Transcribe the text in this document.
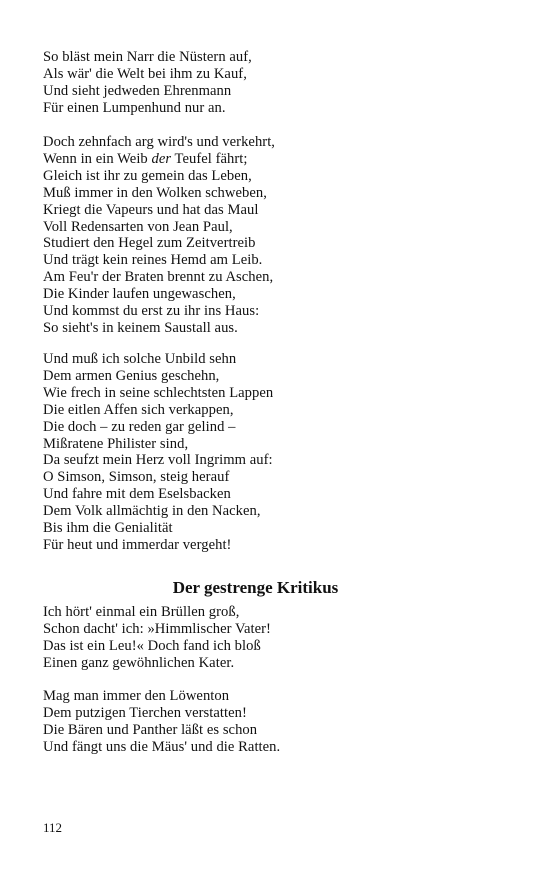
So bläst mein Narr die Nüstern auf,
Als wär' die Welt bei ihm zu Kauf,
Und sieht jedweden Ehrenmann
Für einen Lumpenhund nur an.
Doch zehnfach arg wird's und verkehrt,
Wenn in ein Weib der Teufel fährt;
Gleich ist ihr zu gemein das Leben,
Muß immer in den Wolken schweben,
Kriegt die Vapeurs und hat das Maul
Voll Redensarten von Jean Paul,
Studiert den Hegel zum Zeitvertreib
Und trägt kein reines Hemd am Leib.
Am Feu'r der Braten brennt zu Aschen,
Die Kinder laufen ungewaschen,
Und kommst du erst zu ihr ins Haus:
So sieht's in keinem Saustall aus.
Und muß ich solche Unbild sehn
Dem armen Genius geschehn,
Wie frech in seine schlechtsten Lappen
Die eitlen Affen sich verkappen,
Die doch – zu reden gar gelind –
Mißratene Philister sind,
Da seufzt mein Herz voll Ingrimm auf:
O Simson, Simson, steig herauf
Und fahre mit dem Eselsbacken
Dem Volk allmächtig in den Nacken,
Bis ihm die Genialität
Für heut und immerdar vergeht!
Der gestrenge Kritikus
Ich hört' einmal ein Brüllen groß,
Schon dacht' ich: »Himmlischer Vater!
Das ist ein Leu!« Doch fand ich bloß
Einen ganz gewöhnlichen Kater.
Mag man immer den Löwenton
Dem putzigen Tierchen verstatten!
Die Bären und Panther läßt es schon
Und fängt uns die Mäus' und die Ratten.
112
